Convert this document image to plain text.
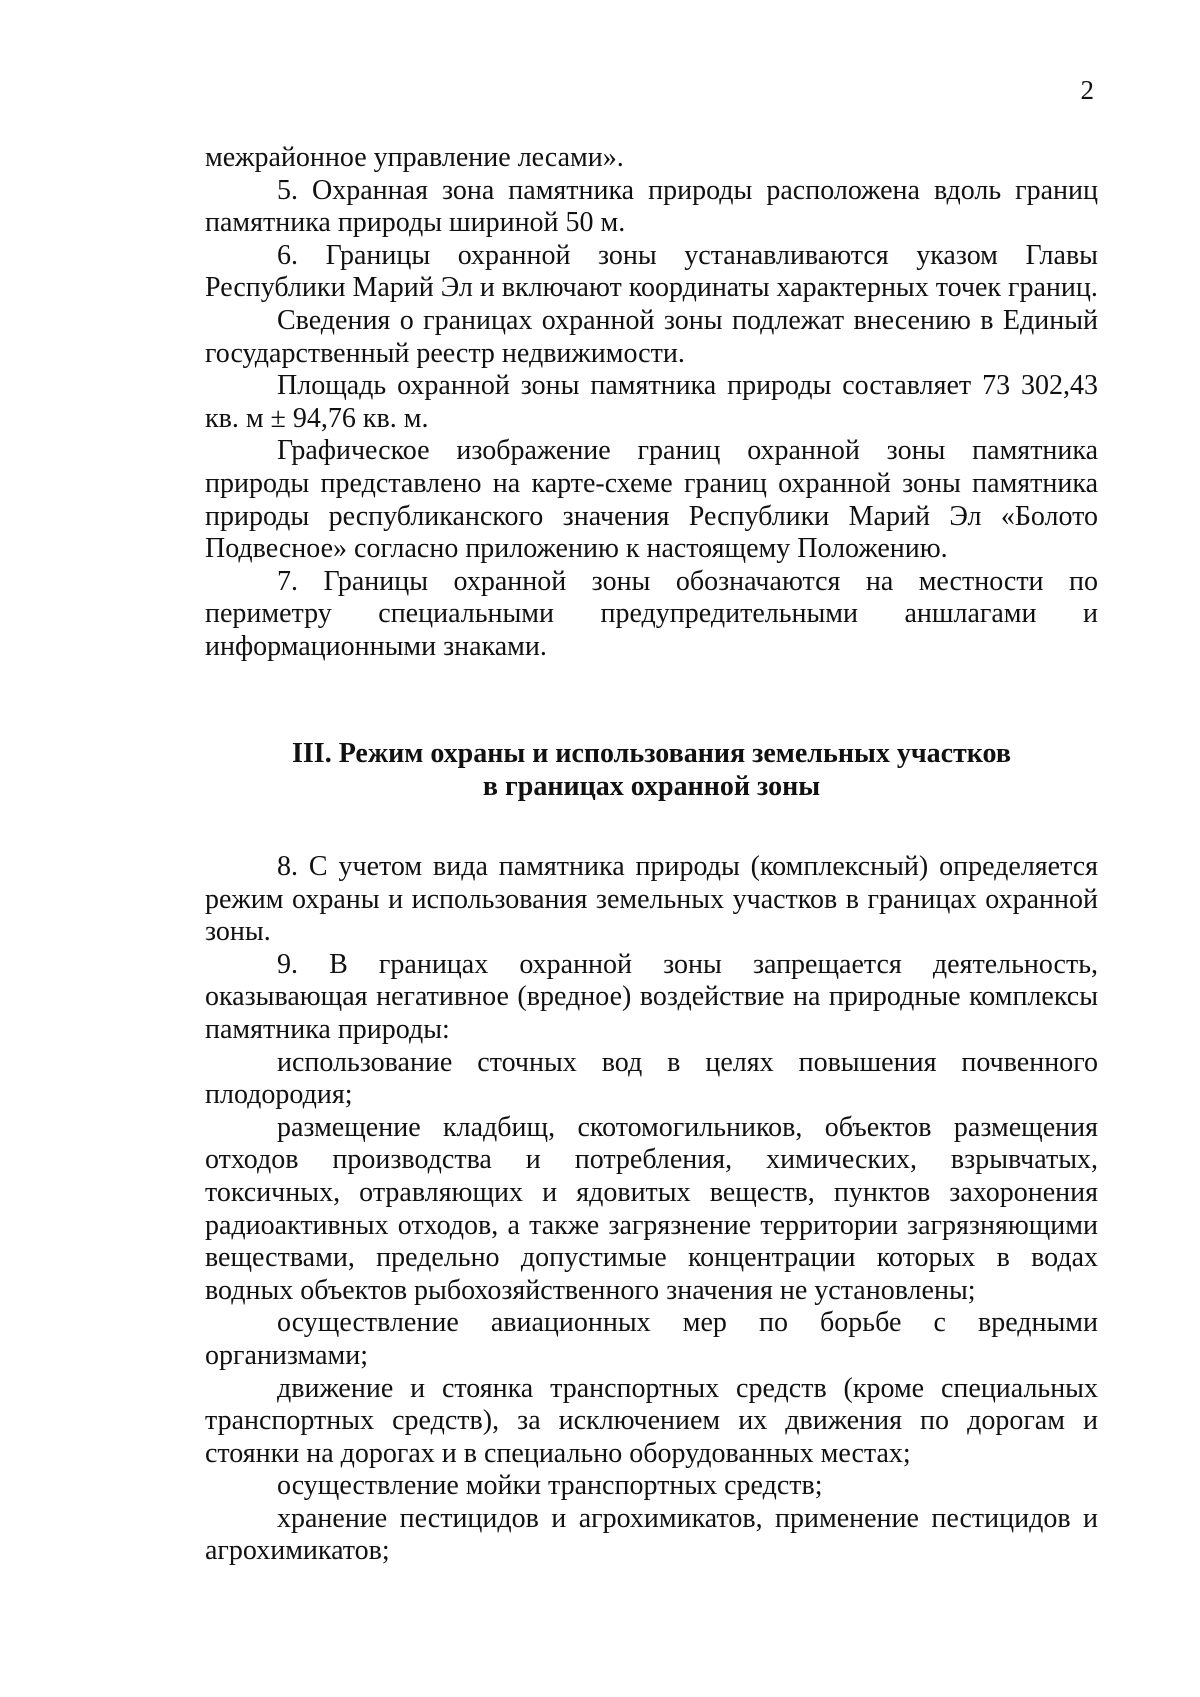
2

межрайонное управление лесами».

5. Охранная зона памятника природы расположена вдоль границ памятника природы шириной 50 м.

6. Границы охранной зоны устанавливаются указом Главы Республики Марий Эл и включают координаты характерных точек границ.

Сведения о границах охранной зоны подлежат внесению в Единый государственный реестр недвижимости.

Площадь охранной зоны памятника природы составляет 73 302,43 кв. м ± 94,76 кв. м.

Графическое изображение границ охранной зоны памятника природы представлено на карте-схеме границ охранной зоны памятника природы республиканского значения Республики Марий Эл «Болото Подвесное» согласно приложению к настоящему Положению.

7. Границы охранной зоны обозначаются на местности по периметру специальными предупредительными аншлагами и информационными знаками.

III. Режим охраны и использования земельных участков
в границах охранной зоны

8. С учетом вида памятника природы (комплексный) определяется режим охраны и использования земельных участков в границах охранной зоны.

9. В границах охранной зоны запрещается деятельность, оказывающая негативное (вредное) воздействие на природные комплексы памятника природы:

использование сточных вод в целях повышения почвенного плодородия;

размещение кладбищ, скотомогильников, объектов размещения отходов производства и потребления, химических, взрывчатых, токсичных, отравляющих и ядовитых веществ, пунктов захоронения радиоактивных отходов, а также загрязнение территории загрязняющими веществами, предельно допустимые концентрации которых в водах водных объектов рыбохозяйственного значения не установлены;

осуществление авиационных мер по борьбе с вредными организмами;

движение и стоянка транспортных средств (кроме специальных транспортных средств), за исключением их движения по дорогам и стоянки на дорогах и в специально оборудованных местах;

осуществление мойки транспортных средств;

хранение пестицидов и агрохимикатов, применение пестицидов и агрохимикатов;
